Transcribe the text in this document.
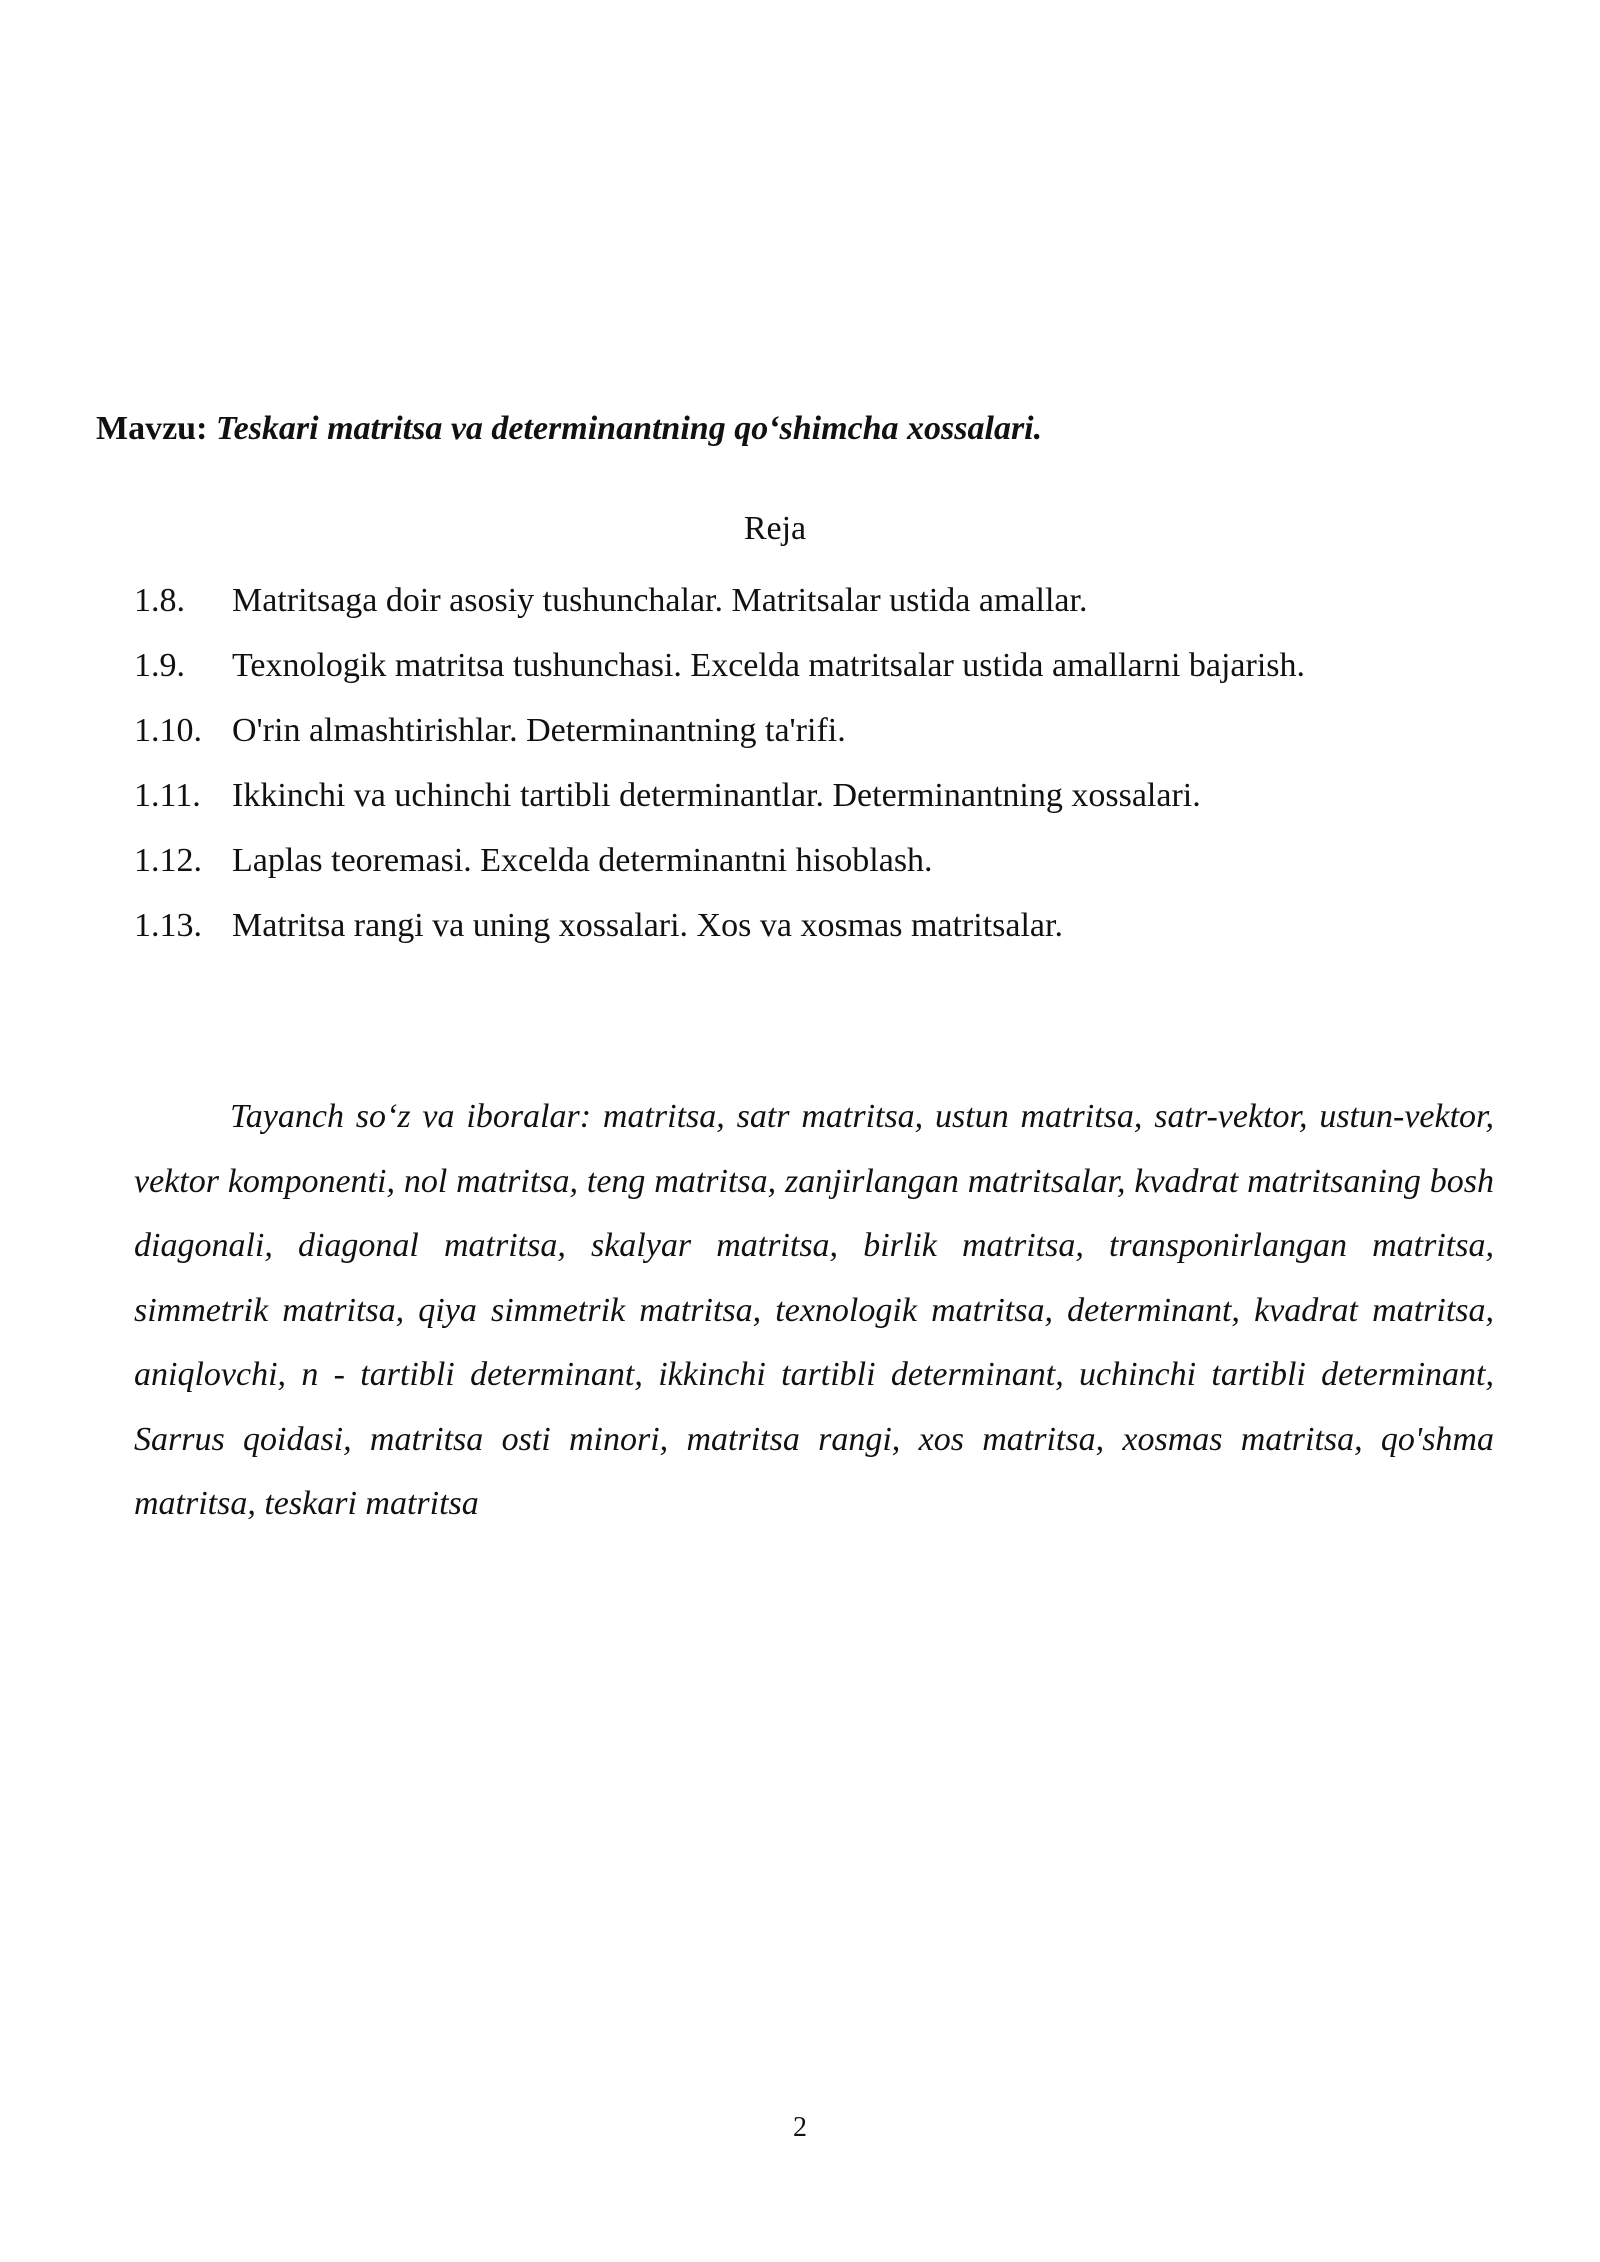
Mavzu: Teskari matritsa va determinantning qo‘shimcha xossalari.
Reja
1.8.	Matritsaga doir asosiy tushunchalar. Matritsalar ustida amallar.
1.9.	Texnologik matritsa tushunchasi. Excelda matritsalar ustida amallarni bajarish.
1.10. O'rin almashtirishlar. Determinantning ta'rifi.
1.11. Ikkinchi va uchinchi tartibli determinantlar. Determinantning xossalari.
1.12. Laplas teoremasi. Excelda determinantni hisoblash.
1.13. Matritsa rangi va uning xossalari. Xos va xosmas matritsalar.

Tayanch so‘z va iboralar: matritsa, satr matritsa, ustun matritsa, satr-vektor, ustun-vektor, vektor komponenti, nol matritsa, teng matritsa, zanjirlangan matritsalar, kvadrat matritsaning bosh diagonali, diagonal matritsa, skalyar matritsa, birlik matritsa, transponirlangan matritsa, simmetrik matritsa, qiya simmetrik matritsa, texnologik matritsa, determinant, kvadrat matritsa, aniqlovchi, n - tartibli determinant, ikkinchi tartibli determinant, uchinchi tartibli determinant, Sarrus qoidasi, matritsa osti minori, matritsa rangi, xos matritsa, xosmas matritsa, qo'shma matritsa, teskari matritsa

2
